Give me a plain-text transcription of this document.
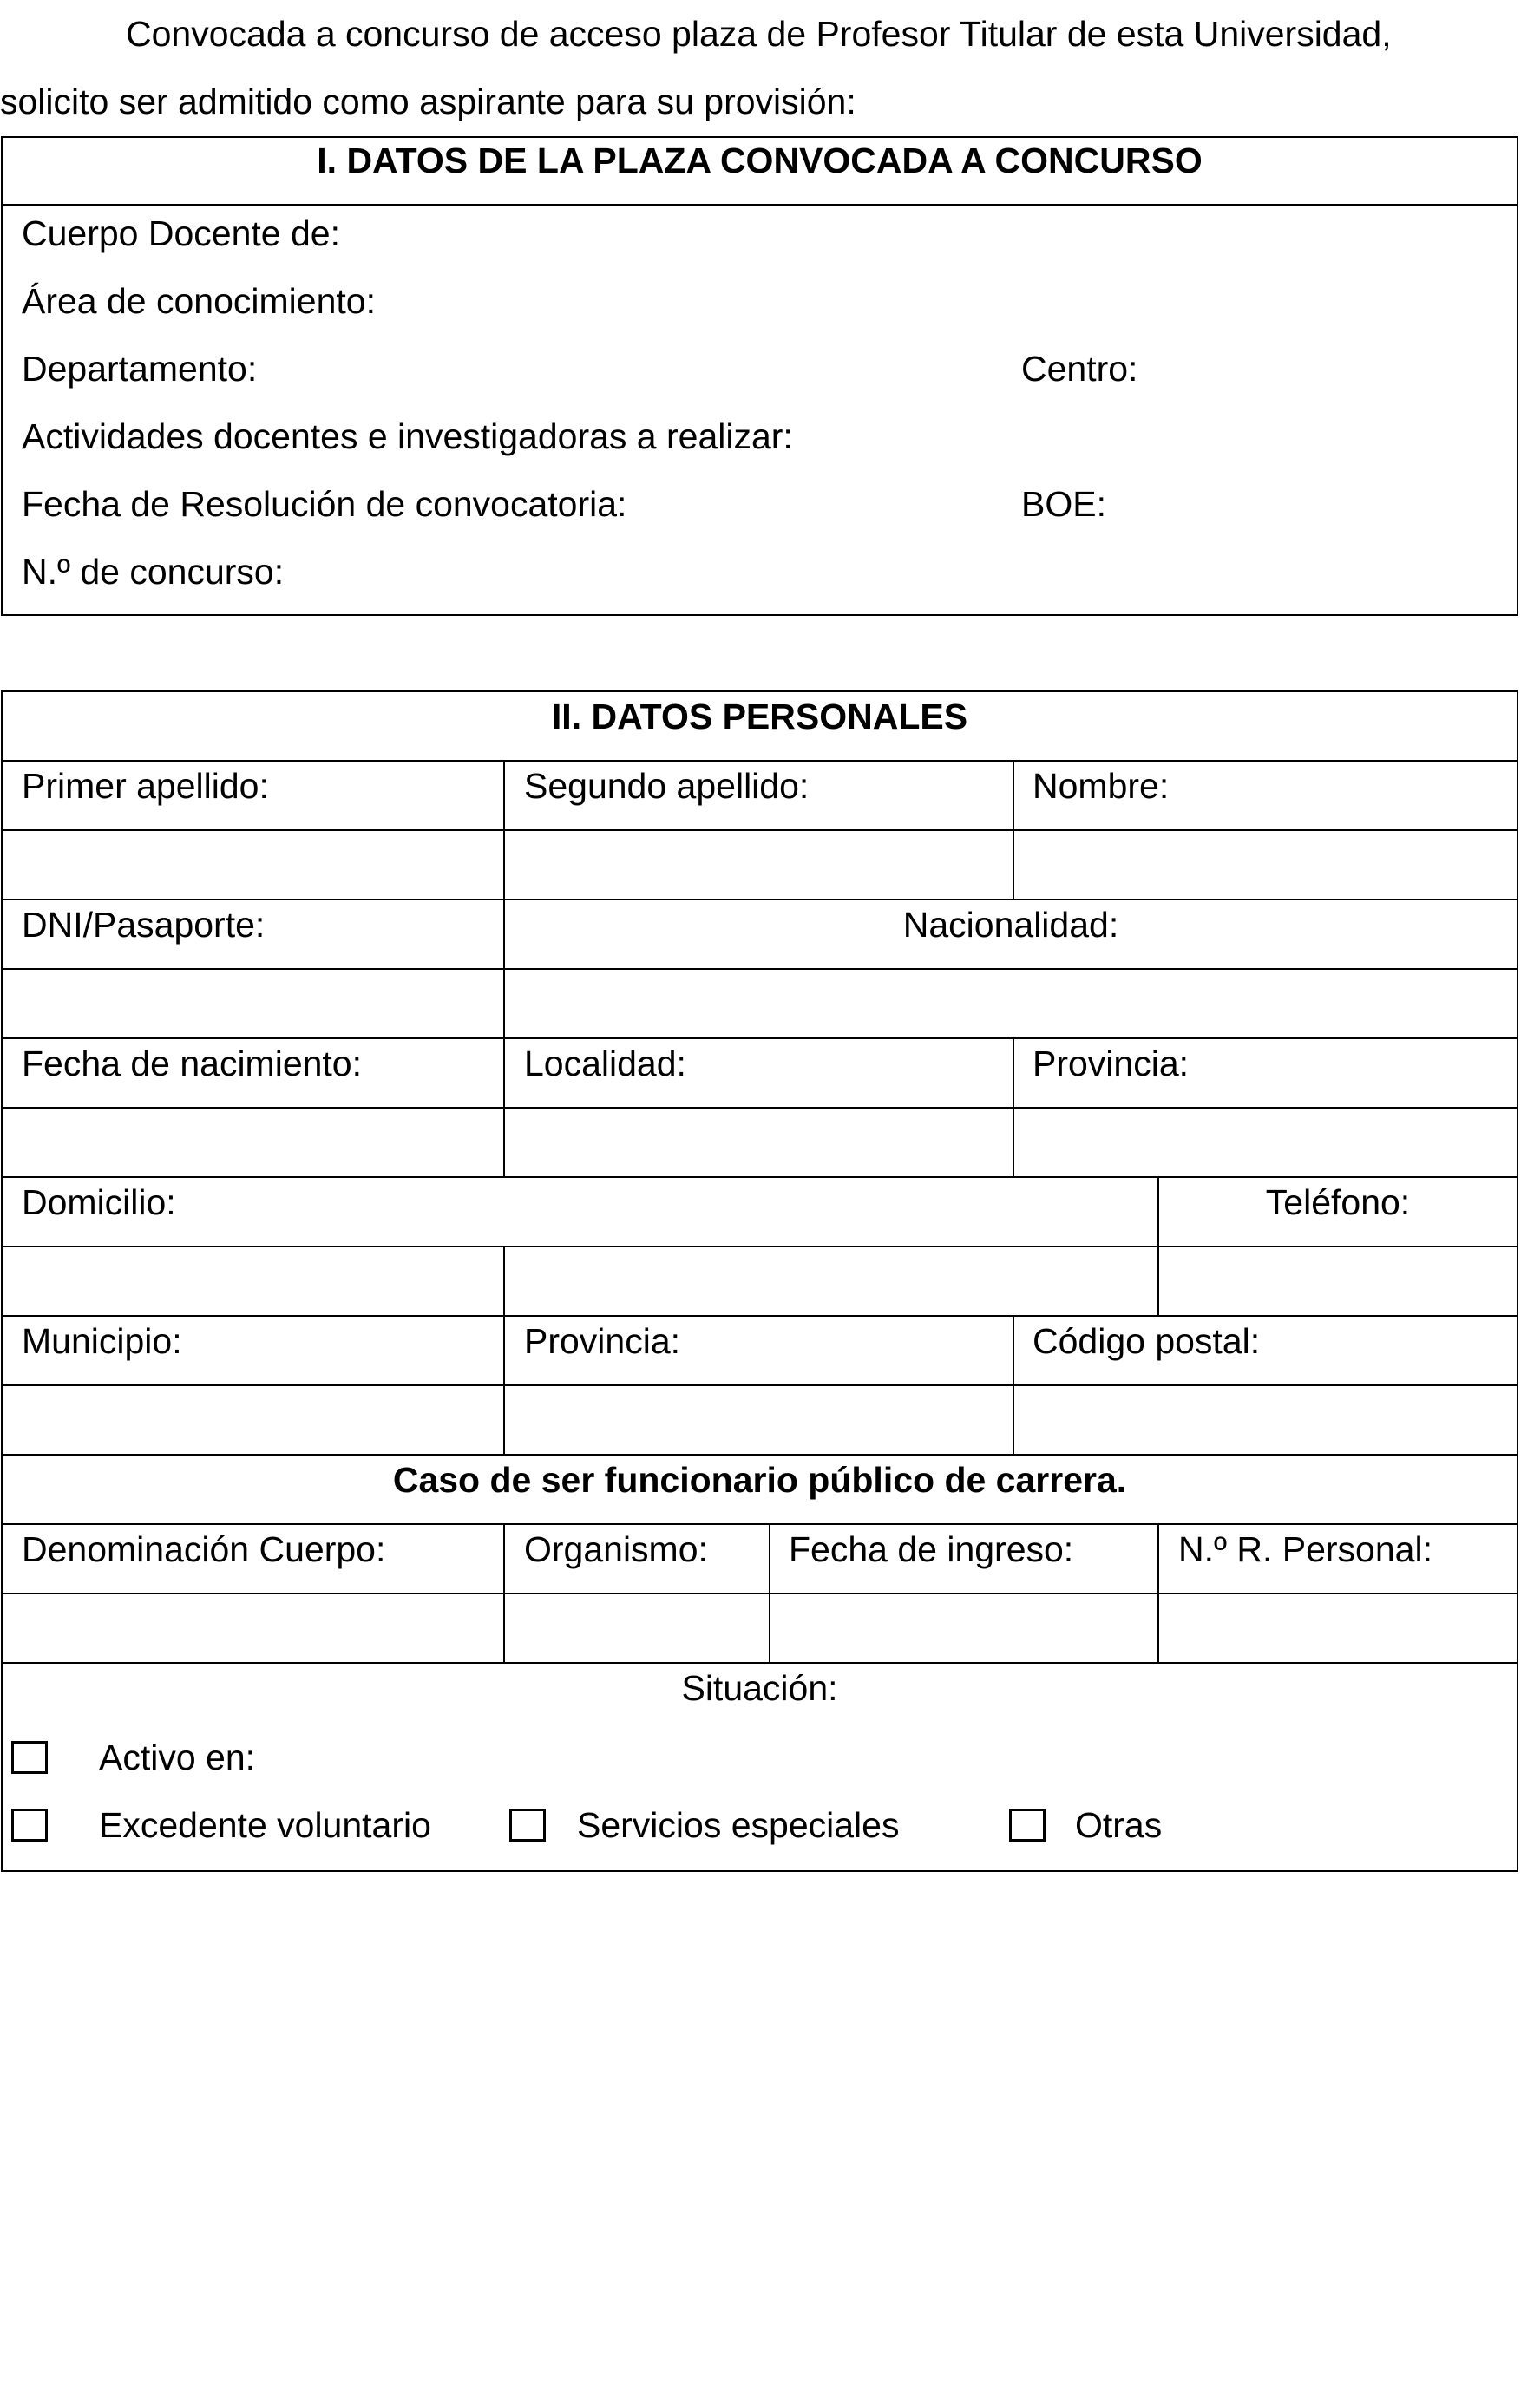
Convocada a concurso de acceso plaza de Profesor Titular de esta Universidad,
solicito ser admitido como aspirante para su provisión:

I. DATOS DE LA PLAZA CONVOCADA A CONCURSO
Cuerpo Docente de:
Área de conocimiento:
Departamento:	Centro:
Actividades docentes e investigadoras a realizar:
Fecha de Resolución de convocatoria:	BOE:
N.º de concurso:
II. DATOS PERSONALES
Primer apellido:	Segundo apellido:	Nombre:
DNI/Pasaporte:	Nacionalidad:
Fecha de nacimiento:	Localidad:	Provincia:
Domicilio:	Teléfono:
Municipio:	Provincia:	Código postal:
Caso de ser funcionario público de carrera.
Denominación Cuerpo:	Organismo: Fecha de ingreso:	N.º R. Personal:
Situación:
Activo en:
Excedente voluntario	Servicios especiales	Otras
